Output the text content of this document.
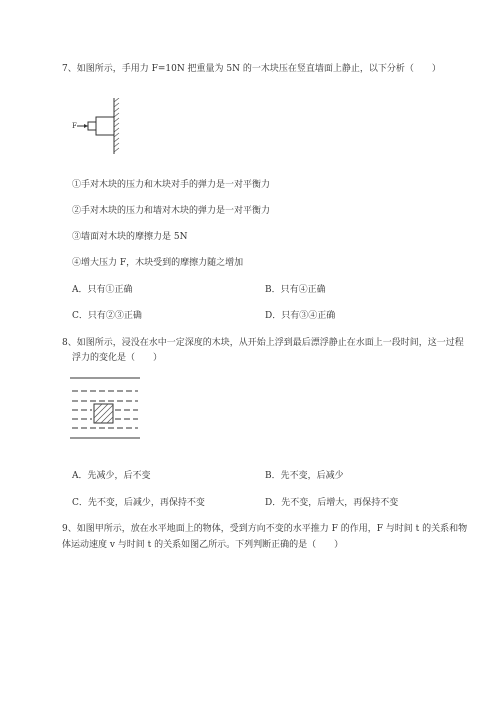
7、如图所示，手用力 F=10N 把重量为 5N 的一木块压在竖直墙面上静止，以下分析（　　）
F
①手对木块的压力和木块对手的弹力是一对平衡力
②手对木块的压力和墙对木块的弹力是一对平衡力
③墙面对木块的摩擦力是 5N
④增大压力 F，木块受到的摩擦力随之增加
A．只有①正确	B．只有④正确
C．只有②③正确	D．只有③④正确
8、如图所示，浸没在水中一定深度的木块，从开始上浮到最后漂浮静止在水面上一段时间，这一过程
浮力的变化是（　　）
A．先减少，后不变	B．先不变，后减少
C．先不变，后减少，再保持不变	D．先不变，后增大，再保持不变
9、如图甲所示，放在水平地面上的物体，受到方向不变的水平推力 F 的作用，F 与时间 t 的关系和物
体运动速度 v 与时间 t 的关系如图乙所示。下列判断正确的是（　　）
